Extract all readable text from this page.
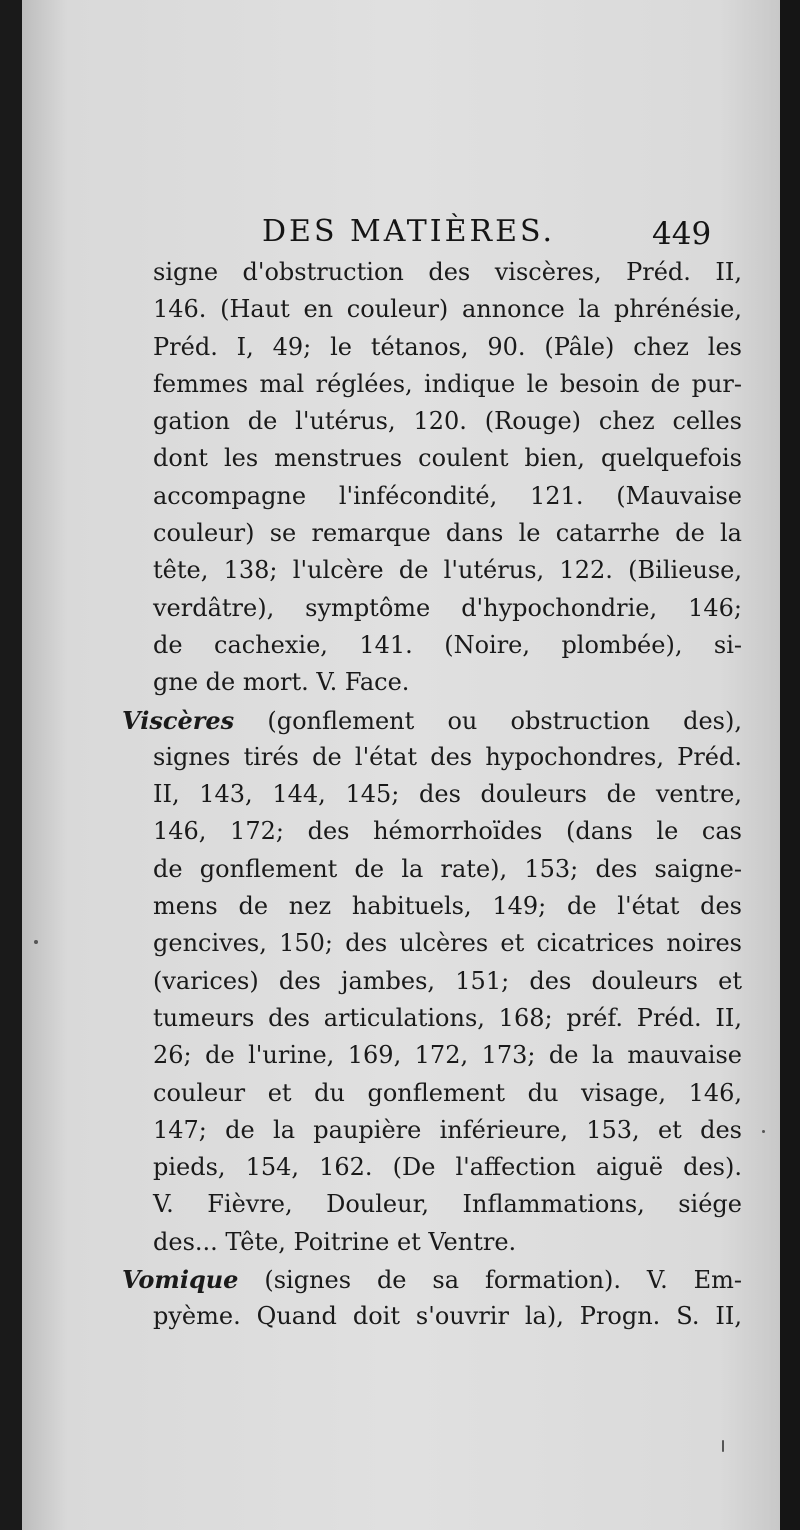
DES MATIÈRES.	449
signe d'obstruction des viscères, Préd. II,
146. (Haut en couleur) annonce la phrénésie,
Préd. I, 49; le tétanos, 90. (Pâle) chez les
femmes mal réglées, indique le besoin de pur-
gation de l'utérus, 120. (Rouge) chez celles
dont les menstrues coulent bien, quelquefois
accompagne l'infécondité, 121. (Mauvaise
couleur) se remarque dans le catarrhe de la
tête, 138; l'ulcère de l'utérus, 122. (Bilieuse,
verdâtre), symptôme d'hypochondrie, 146;
de cachexie, 141. (Noire, plombée), si-
gne de mort. V. Face.
Viscères (gonflement ou obstruction des),
signes tirés de l'état des hypochondres, Préd.
II, 143, 144, 145; des douleurs de ventre,
146, 172; des hémorrhoïdes (dans le cas
de gonflement de la rate), 153; des saigne-
mens de nez habituels, 149; de l'état des
gencives, 150; des ulcères et cicatrices noires
(varices) des jambes, 151; des douleurs et
tumeurs des articulations, 168; préf. Préd. II,
26; de l'urine, 169, 172, 173; de la mauvaise
couleur et du gonflement du visage, 146,
147; de la paupière inférieure, 153, et des
pieds, 154, 162. (De l'affection aiguë des).
V. Fièvre, Douleur, Inflammations, siége
des... Tête, Poitrine et Ventre.
Vomique (signes de sa formation). V. Em-
pyème. Quand doit s'ouvrir la), Progn. S. II,
